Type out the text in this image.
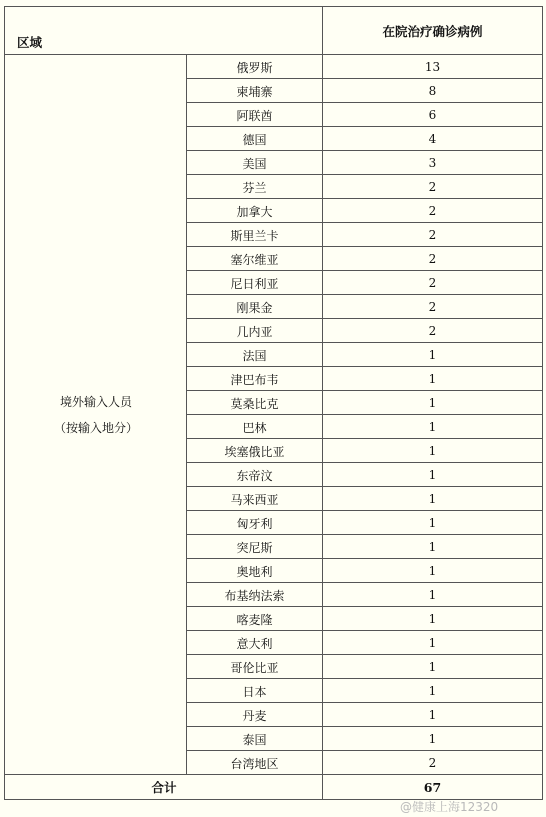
区域
在院治疗确诊病例
境外输入人员
（按输入地分）
俄罗斯	13
柬埔寨	8
阿联酋	6
德国	4
美国	3
芬兰	2
加拿大	2
斯里兰卡	2
塞尔维亚	2
尼日利亚	2
刚果金	2
几内亚	2
法国	1
津巴布韦	1
莫桑比克	1
巴林	1
埃塞俄比亚	1
东帝汶	1
马来西亚	1
匈牙利	1
突尼斯	1
奥地利	1
布基纳法索	1
喀麦隆	1
意大利	1
哥伦比亚	1
日本	1
丹麦	1
泰国	1
台湾地区	2
合计	67
@健康上海12320
